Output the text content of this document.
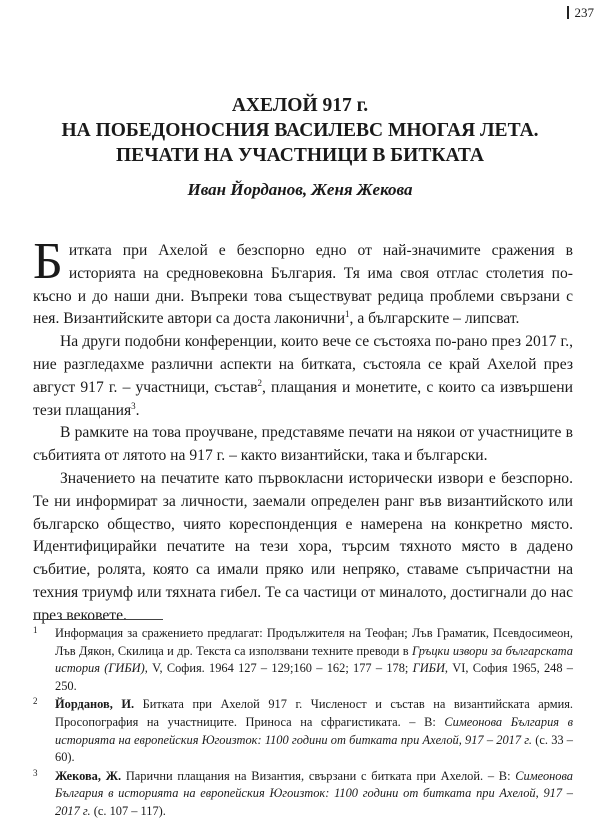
237
АХЕЛОЙ 917 г.
НА ПОБЕДОНОСНИЯ ВАСИЛЕВС МНОГАЯ ЛЕТА.
ПЕЧАТИ НА УЧАСТНИЦИ В БИТКАТА
Иван Йорданов, Женя Жекова

Битката при Ахелой е безспорно едно от най-значимите сражения в историята на средновековна България. Тя има своя отглас столетия по-късно и до наши дни. Въпреки това съществуват редица проблеми свързани с нея. Византийските автори са доста лаконични$^1$, а българските – липсват.

На други подобни конференции, които вече се състояха по-рано през 2017 г., ние разгледахме различни аспекти на битката, състояла се край Ахелой през август 917 г. – участници, състав$^2$, плащания и монетите, с които са извършени тези плащания$^3$.

В рамките на това проучване, представяме печати на някои от участниците в събитията от лятото на 917 г. – както византийски, така и български.

Значението на печатите като първокласни исторически извори е безспорно. Те ни информират за личности, заемали определен ранг във византийското или българско общество, чиято кореспонденция е намерена на конкретно място. Идентифицирайки печатите на тези хора, търсим тяхното място в дадено събитие, ролята, която са имали пряко или непряко, ставаме съпричастни на техния триумф или тяхната гибел. Те са частици от миналото, достигнали до нас през вековете.

1 Информация за сражението предлагат: Продължителя на Теофан; Лъв Граматик, Псевдосимеон, Лъв Дякон, Скилица и др. Текста са използвани техните преводи в Гръцки извори за българската история (ГИБИ), V, София. 1964 127 – 129;160 – 162; 177 – 178; ГИБИ, VI, София 1965, 248 – 250.
2 Йорданов, И. Битката при Ахелой 917 г. Численост и състав на византийската армия. Просопография на участниците. Приноса на сфрагистиката. – В: Симеонова България в историята на европейския Югоизток: 1100 години от битката при Ахелой, 917 – 2017 г. (с. 33 – 60).
3 Жекова, Ж. Парични плащания на Византия, свързани с битката при Ахелой. – В: Симеонова България в историята на европейския Югоизток: 1100 години от битката при Ахелой, 917 – 2017 г. (с. 107 – 117).
